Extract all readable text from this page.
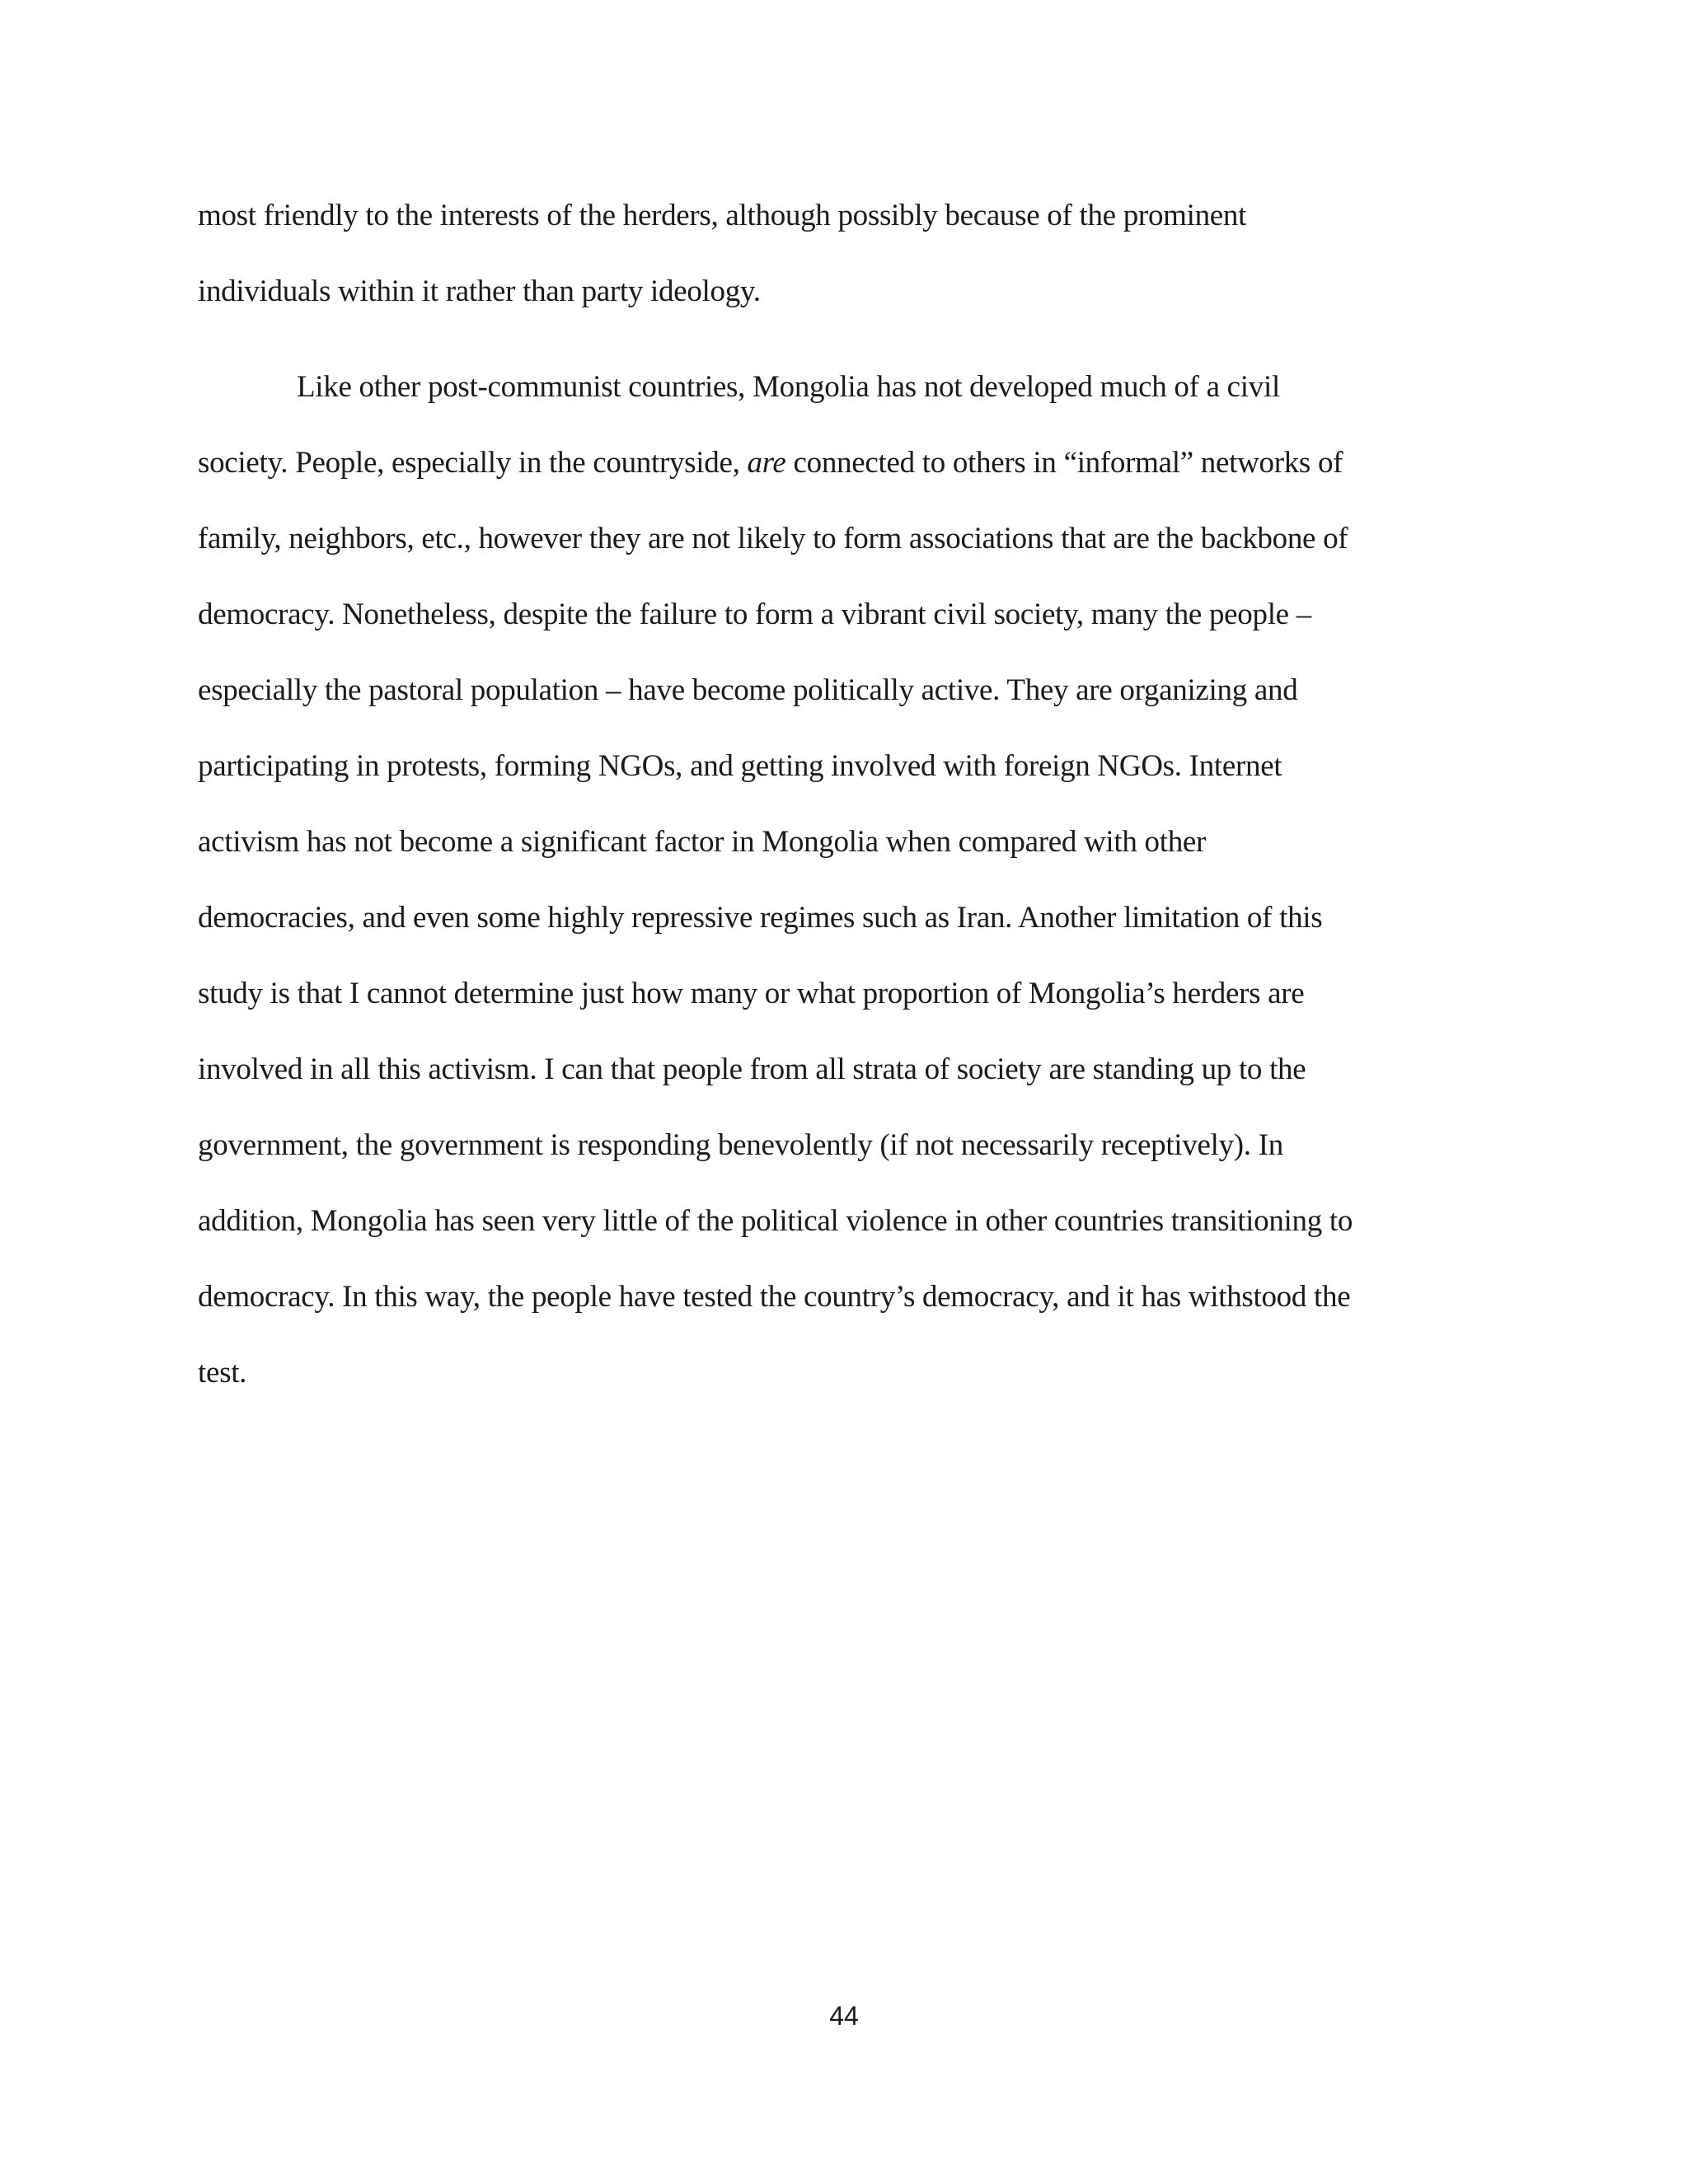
most friendly to the interests of the herders, although possibly because of the prominent
individuals within it rather than party ideology.
Like other post-communist countries, Mongolia has not developed much of a civil
society. People, especially in the countryside, are connected to others in “informal” networks of
family, neighbors, etc., however they are not likely to form associations that are the backbone of
democracy. Nonetheless, despite the failure to form a vibrant civil society, many the people –
especially the pastoral population – have become politically active. They are organizing and
participating in protests, forming NGOs, and getting involved with foreign NGOs. Internet
activism has not become a significant factor in Mongolia when compared with other
democracies, and even some highly repressive regimes such as Iran. Another limitation of this
study is that I cannot determine just how many or what proportion of Mongolia’s herders are
involved in all this activism. I can that people from all strata of society are standing up to the
government, the government is responding benevolently (if not necessarily receptively). In
addition, Mongolia has seen very little of the political violence in other countries transitioning to
democracy. In this way, the people have tested the country’s democracy, and it has withstood the
test.
44
